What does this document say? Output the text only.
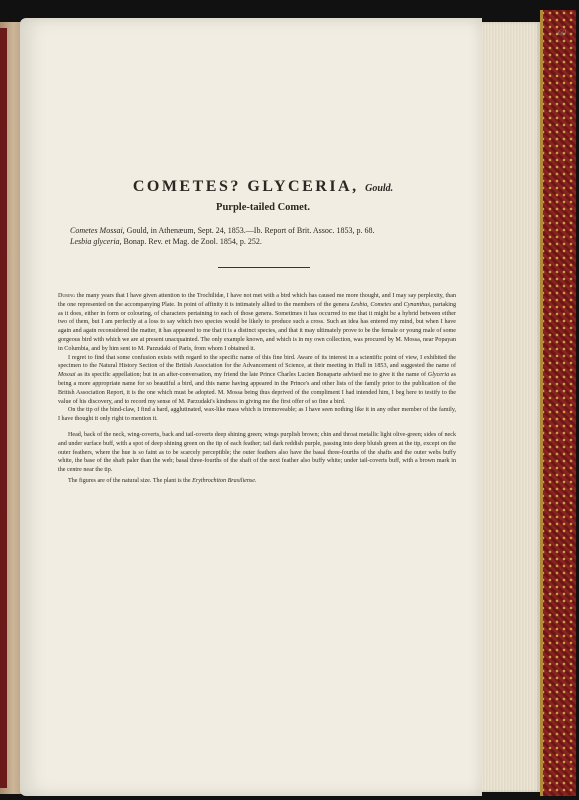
60
COMETES? GLYCERIA, Gould.
Purple-tailed Comet.
Cometes Mossai, Gould, in Athenæum, Sept. 24, 1853.—Ib. Report of Brit. Assoc. 1853, p. 68.
Lesbia glyceria, Bonap. Rev. et Mag. de Zool. 1854, p. 252.

During the many years that I have given attention to the Trochilidæ, I have not met with a bird which has caused me more thought, and I may say perplexity, than the one represented on the accompanying Plate. In point of affinity it is intimately allied to the members of the genera Lesbia, Cometes and Cynanthus, partaking as it does, either in form or colouring, of characters pertaining to each of those genera. Sometimes it has occurred to me that it might be a hybrid between either two of them, but I am perfectly at a loss to say which two species would be likely to produce such a cross. Such an idea has entered my mind, but when I have again and again reconsidered the matter, it has appeared to me that it is a distinct species, and that it may ultimately prove to be the female or young male of some gorgeous bird with which we are at present unacquainted. The only example known, and which is in my own collection, was procured by M. Mossa, near Popayan in Columbia, and by him sent to M. Parzudaki of Paris, from whom I obtained it.

I regret to find that some confusion exists with regard to the specific name of this fine bird. Aware of its interest in a scientific point of view, I exhibited the specimen to the Natural History Section of the British Association for the Advancement of Science, at their meeting in Hull in 1853, and suggested the name of Mossai as its specific appellation; but in an after-conversation, my friend the late Prince Charles Lucien Bonaparte advised me to give it the name of Glyceria as being a more appropriate name for so beautiful a bird, and this name having appeared in the Prince's and other lists of the family prior to the publication of the British Association Report, it is the one which must be adopted. M. Mossa being thus deprived of the compliment I had intended him, I beg here to testify to the value of his discovery, and to record my sense of M. Parzudaki's kindness in giving me the first offer of so fine a bird.

On the tip of the bind-claw, I find a hard, agglutinated, wax-like mass which is irremoveable; as I have seen nothing like it in any other member of the family, I have thought it only right to mention it.

Head, back of the neck, wing-coverts, back and tail-coverts deep shining green; wings purplish brown; chin and throat metallic light olive-green; sides of neck and under surface buff, with a spot of deep shining green on the tip of each feather; tail dark reddish purple, passing into deep bluish green at the tip, except on the outer feathers, where the hue is so faint as to be scarcely perceptible; the outer feathers also have the basal three-fourths of the shafts and the outer webs buffy white, the base of the shaft paler than the web; basal three-fourths of the shaft of the next feather also buffy white; under tail-coverts buff, with a brown mark in the centre near the tip.

The figures are of the natural size. The plant is the Erythrochiton Brasiliense.
